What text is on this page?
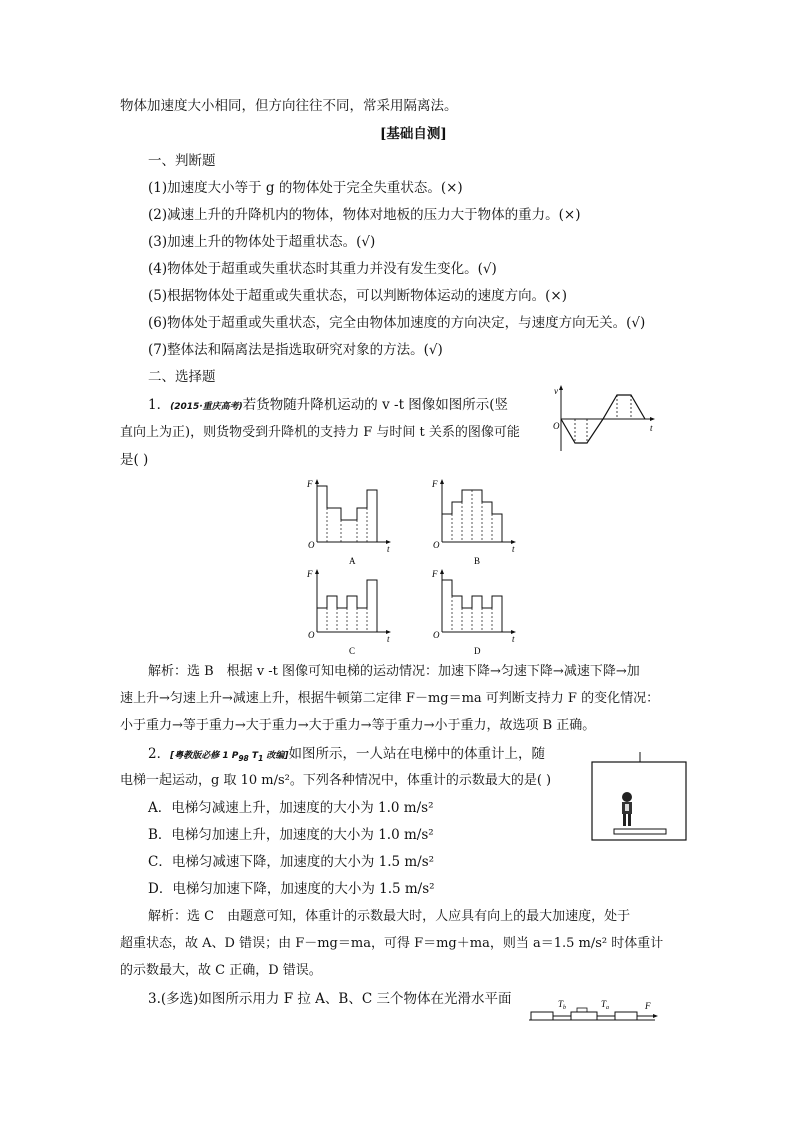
物体加速度大小相同，但方向往往不同，常采用隔离法。
[基础自测]
一、判断题
(1)加速度大小等于 g 的物体处于完全失重状态。(×)
(2)减速上升的升降机内的物体，物体对地板的压力大于物体的重力。(×)
(3)加速上升的物体处于超重状态。(√)
(4)物体处于超重或失重状态时其重力并没有发生变化。(√)
(5)根据物体处于超重或失重状态，可以判断物体运动的速度方向。(×)
(6)物体处于超重或失重状态，完全由物体加速度的方向决定，与速度方向无关。(√)
(7)整体法和隔离法是指选取研究对象的方法。(√)
二、选择题
1．(2015·重庆高考)若货物随升降机运动的 v -t 图像如图所示(竖
直向上为正)，则货物受到升降机的支持力 F 与时间 t 关系的图像可能
是( )
v
t
O
F
t
O
A
F
t
O
B
F
t
O
C
F
t
O
D
解析：选 B　根据 v -t 图像可知电梯的运动情况：加速下降→匀速下降→减速下降→加
速上升→匀速上升→减速上升，根据牛顿第二定律 F－mg＝ma 可判断支持力 F 的变化情况：
小于重力→等于重力→大于重力→大于重力→等于重力→小于重力，故选项 B 正确。
2．[粤教版必修 1 $P_{98}$ $T_1$ 改编]如图所示，一人站在电梯中的体重计上，随
电梯一起运动，g 取 10 m/s²。下列各种情况中，体重计的示数最大的是( )
A．电梯匀减速上升，加速度的大小为 1.0 m/s²
B．电梯匀加速上升，加速度的大小为 1.0 m/s²
C．电梯匀减速下降，加速度的大小为 1.5 m/s²
D．电梯匀加速下降，加速度的大小为 1.5 m/s²
解析：选 C　由题意可知，体重计的示数最大时，人应具有向上的最大加速度，处于
超重状态，故 A、D 错误；由 F－mg＝ma，可得 F＝mg＋ma，则当 a＝1.5 m/s² 时体重计
的示数最大，故 C 正确，D 错误。
3.(多选)如图所示用力 F 拉 A、B、C 三个物体在光滑水平面	$T_b$	$T_a$	F
